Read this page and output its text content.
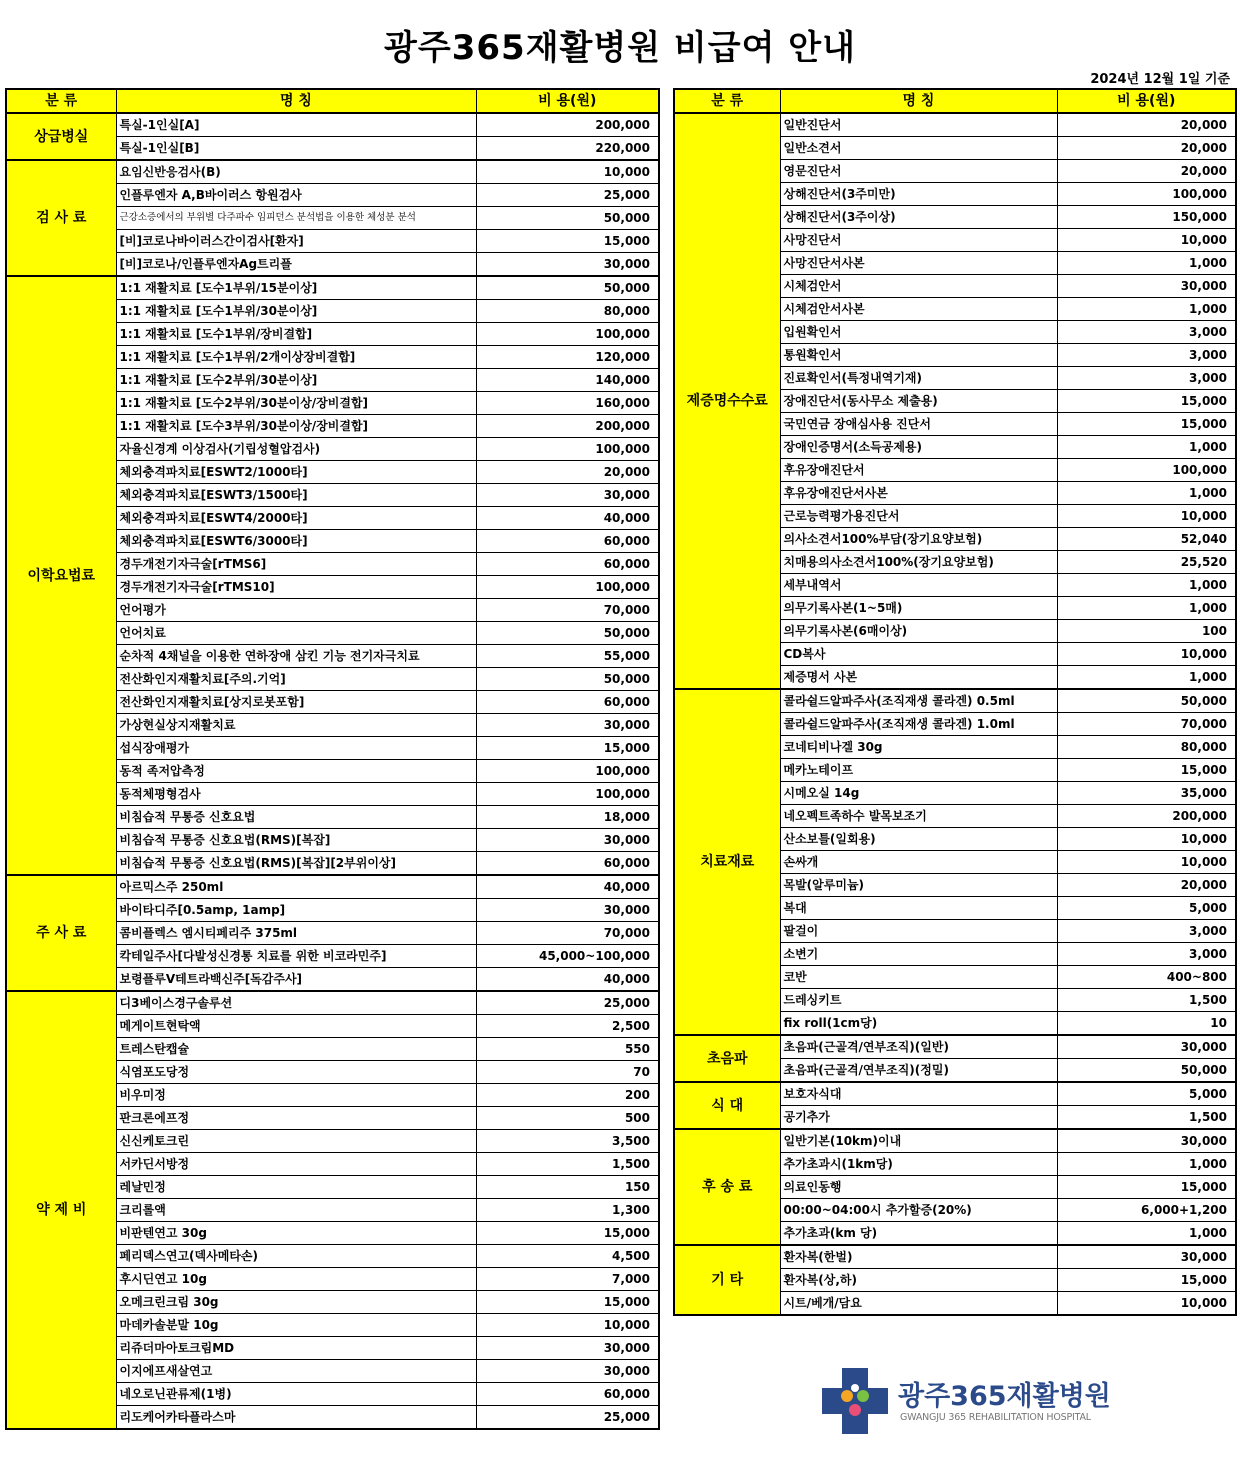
광주365재활병원 비급여 안내
2024년 12월 1일 기준
분 류	명 칭	비 용(원)
상급병실	특실-1인실[A]	200,000
	특실-1인실[B]	220,000
검 사 료	요임신반응검사(B)	10,000
	인플루엔자 A,B바이러스 항원검사	25,000
	근강소증에서의 부위별 다주파수 임피던스 분석법을 이용한 체성분 분석	50,000
	[비]코로나바이러스간이검사[환자]	15,000
	[비]코로나/인플루엔자Ag트리플	30,000
이학요법료	1:1 재활치료 [도수1부위/15분이상]	50,000
	1:1 재활치료 [도수1부위/30분이상]	80,000
	1:1 재활치료 [도수1부위/장비결합]	100,000
	1:1 재활치료 [도수1부위/2개이상장비결합]	120,000
	1:1 재활치료 [도수2부위/30분이상]	140,000
	1:1 재활치료 [도수2부위/30분이상/장비결합]	160,000
	1:1 재활치료 [도수3부위/30분이상/장비결합]	200,000
	자율신경계 이상검사(기립성혈압검사)	100,000
	체외충격파치료[ESWT2/1000타]	20,000
	체외충격파치료[ESWT3/1500타]	30,000
	체외충격파치료[ESWT4/2000타]	40,000
	체외충격파치료[ESWT6/3000타]	60,000
	경두개전기자극술[rTMS6]	60,000
	경두개전기자극술[rTMS10]	100,000
	언어평가	70,000
	언어치료	50,000
	순차적 4채널을 이용한 연하장애 삼킨 기능 전기자극치료	55,000
	전산화인지재활치료[주의.기억]	50,000
	전산화인지재활치료[상지로봇포함]	60,000
	가상현실상지재활치료	30,000
	섭식장애평가	15,000
	동적 족저압측정	100,000
	동적체평형검사	100,000
	비침습적 무통증 신호요법	18,000
	비침습적 무통증 신호요법(RMS)[복잡]	30,000
	비침습적 무통증 신호요법(RMS)[복잡][2부위이상]	60,000
주 사 료	아르믹스주 250ml	40,000
	바이타디주[0.5amp, 1amp]	30,000
	콤비플렉스 엠시티페리주 375ml	70,000
	칵테일주사[다발성신경통 치료를 위한 비코라민주]	45,000~100,000
	보령플루V테트라백신주[독감주사]	40,000
약 제 비	디3베이스경구솔루션	25,000
	메게이트현탁액	2,500
	트레스탄캡슐	550
	식염포도당정	70
	비우미정	200
	판크론에프정	500
	신신케토크린	3,500
	서카딘서방정	1,500
	레날민정	150
	크리롤액	1,300
	비판텐연고 30g	15,000
	페리덱스연고(덱사메타손)	4,500
	후시딘연고 10g	7,000
	오메크린크림 30g	15,000
	마데카솔분말 10g	10,000
	리쥬더마아토크림MD	30,000
	이지에프새살연고	30,000
	네오로닌관류제(1병)	60,000
	리도케어카타플라스마	25,000
분 류	명 칭	비 용(원)
제증명수수료	일반진단서	20,000
	일반소견서	20,000
	영문진단서	20,000
	상해진단서(3주미만)	100,000
	상해진단서(3주이상)	150,000
	사망진단서	10,000
	사망진단서사본	1,000
	시체검안서	30,000
	시체검안서사본	1,000
	입원확인서	3,000
	통원확인서	3,000
	진료확인서(특정내역기재)	3,000
	장애진단서(동사무소 제출용)	15,000
	국민연금 장애심사용 진단서	15,000
	장애인증명서(소득공제용)	1,000
	후유장애진단서	100,000
	후유장애진단서사본	1,000
	근로능력평가용진단서	10,000
	의사소견서100%부담(장기요양보험)	52,040
	치매용의사소견서100%(장기요양보험)	25,520
	세부내역서	1,000
	의무기록사본(1~5매)	1,000
	의무기록사본(6매이상)	100
	CD복사	10,000
	제증명서 사본	1,000
치료재료	콜라쉴드알파주사(조직재생 콜라겐) 0.5ml	50,000
	콜라쉴드알파주사(조직재생 콜라겐) 1.0ml	70,000
	코네티비나겔 30g	80,000
	메카노테이프	15,000
	시메오실 14g	35,000
	네오펙트족하수 발목보조기	200,000
	산소보틀(일회용)	10,000
	손싸개	10,000
	목발(알루미늄)	20,000
	복대	5,000
	팔걸이	3,000
	소변기	3,000
	코반	400~800
	드레싱키트	1,500
	fix roll(1cm당)	10
초음파	초음파(근골격/연부조직)(일반)	30,000
	초음파(근골격/연부조직)(정밀)	50,000
식 대	보호자식대	5,000
	공기추가	1,500
후 송 료	일반기본(10km)이내	30,000
	추가초과시(1km당)	1,000
	의료인동행	15,000
	00:00~04:00시 추가할증(20%)	6,000+1,200
	추가초과(km 당)	1,000
기 타	환자복(한벌)	30,000
	환자복(상,하)	15,000
	시트/베개/담요	10,000
광주365재활병원
GWANGJU 365 REHABILITATION HOSPITAL
